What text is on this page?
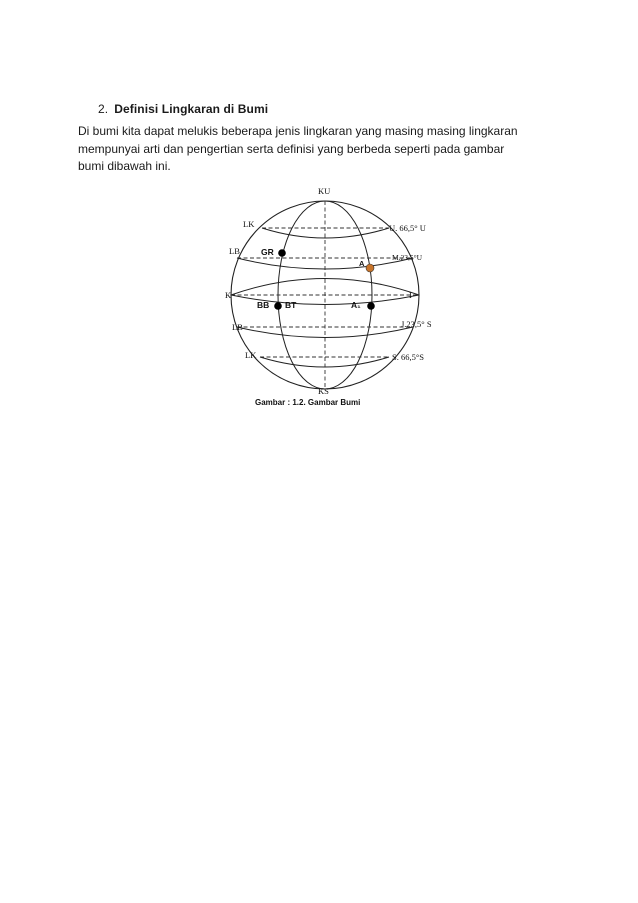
2. Definisi Lingkaran di Bumi
Di bumi kita dapat melukis beberapa jenis lingkaran yang masing masing lingkaran
mempunyai arti dan pengertian serta definisi yang berbeda seperti pada gambar
bumi dibawah ini.
KU
KS
K	I
LK
LB
LB
LK
U. 66,5° U
M.23,5°U
J.23,5° S
S. 66,5°S
GR
A
BB BT	A₁
Gambar : 1.2. Gambar Bumi
